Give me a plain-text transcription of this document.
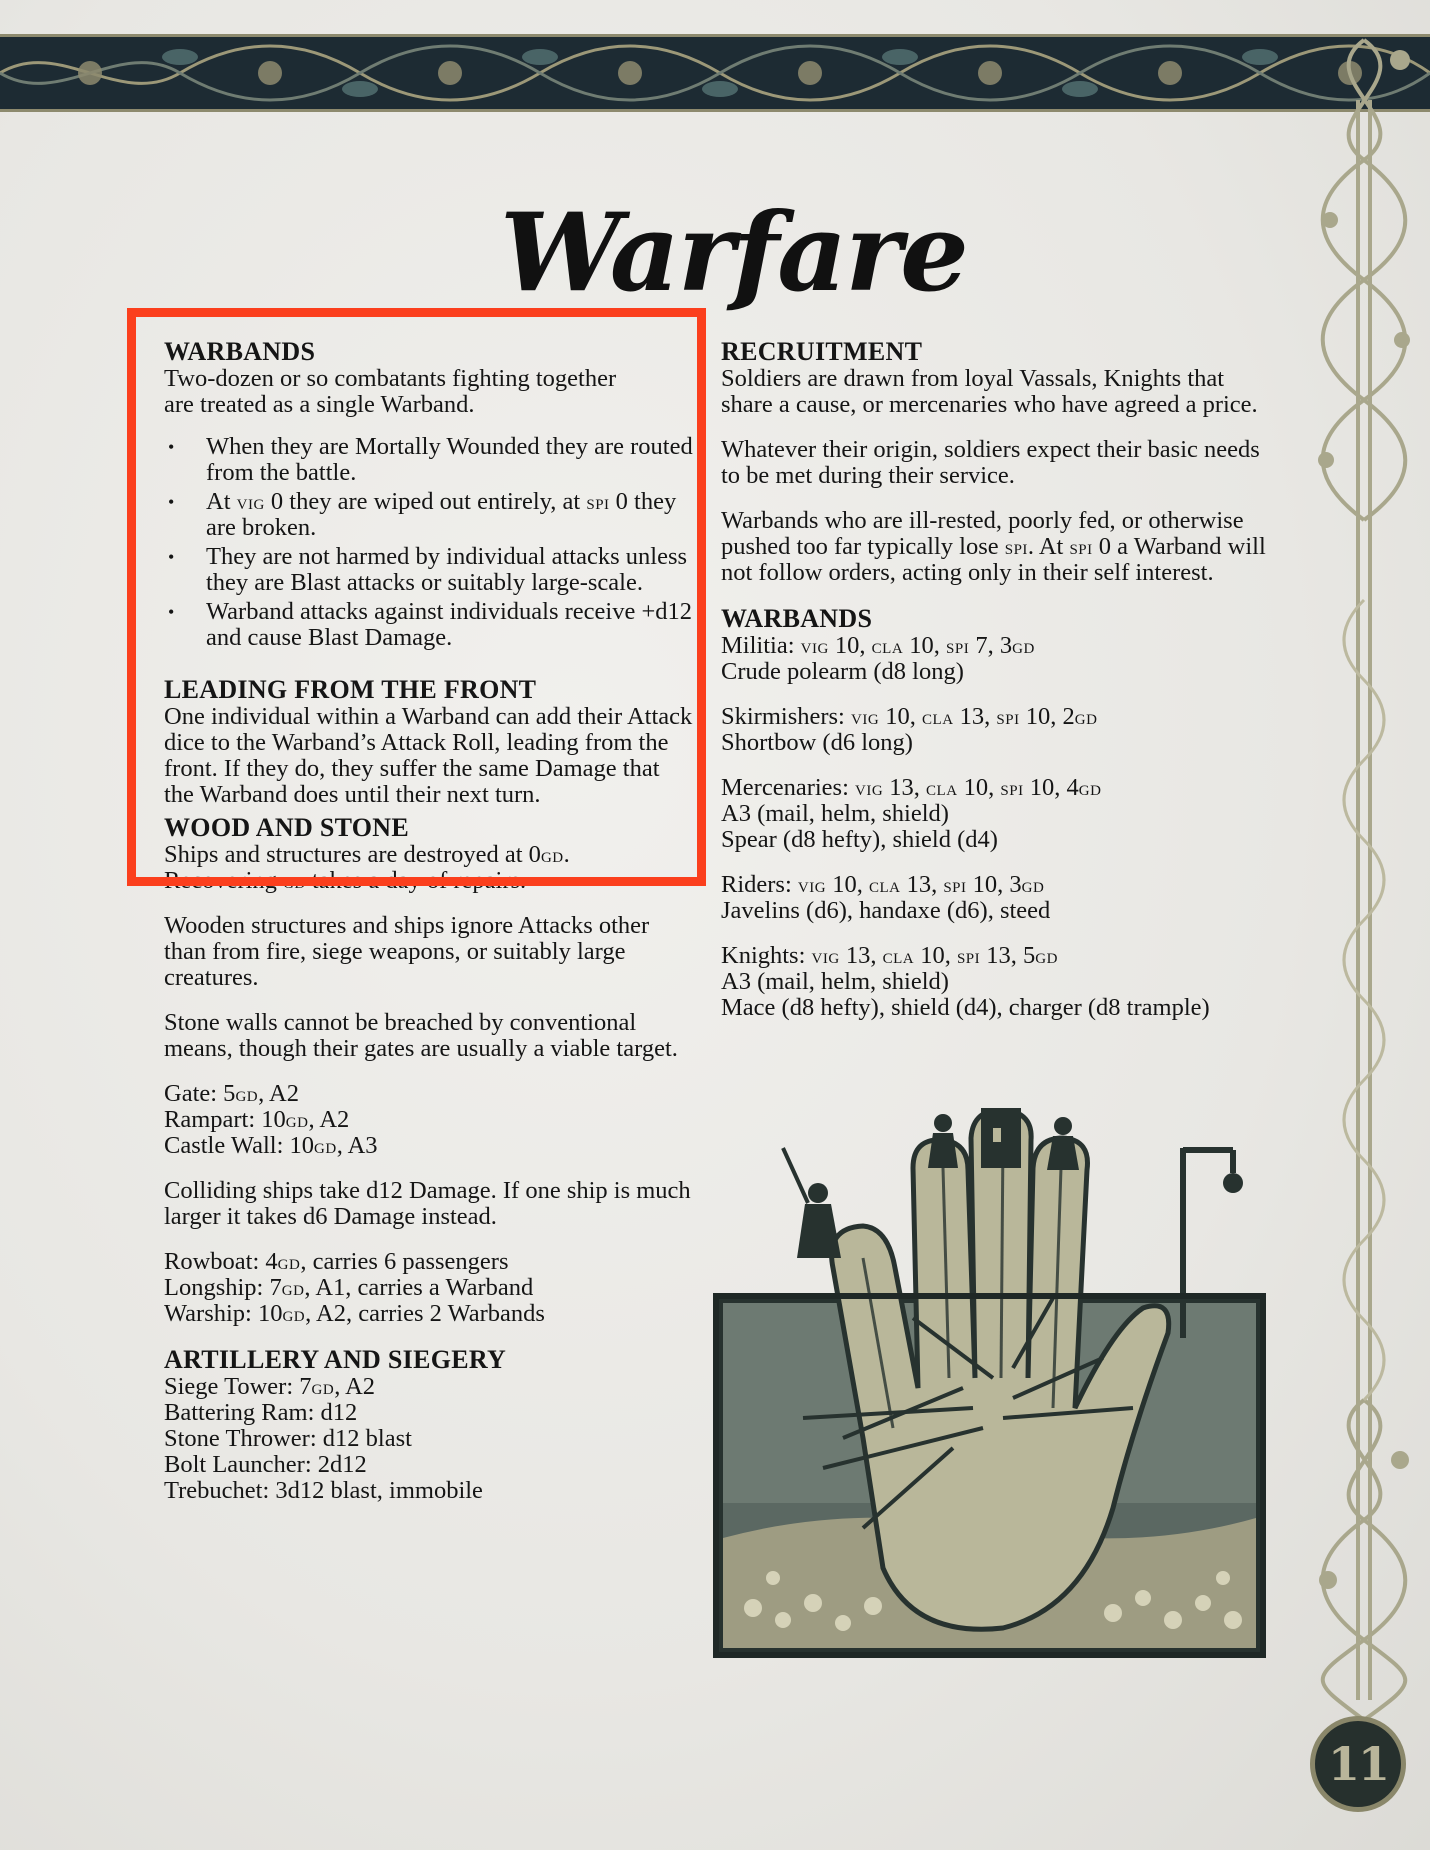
11
Warfare
WARBANDS
Two-dozen or so combatants fighting together
are treated as a single Warband.
• When they are Mortally Wounded they are routed from the battle.
• At vig 0 they are wiped out entirely, at spi 0 they are broken.
• They are not harmed by individual attacks unless they are Blast attacks or suitably large-scale.
• Warband attacks against individuals receive +d12 and cause Blast Damage.
LEADING FROM THE FRONT
One individual within a Warband can add their Attack dice to the Warband’s Attack Roll, leading from the front. If they do, they suffer the same Damage that the Warband does until their next turn.
WOOD AND STONE
Ships and structures are destroyed at 0gd.
Recovering gd takes a day of repairs.
Wooden structures and ships ignore Attacks other than from fire, siege weapons, or suitably large creatures.
Stone walls cannot be breached by conventional means, though their gates are usually a viable target.
Gate: 5gd, A2
Rampart: 10gd, A2
Castle Wall: 10gd, A3
Colliding ships take d12 Damage. If one ship is much larger it takes d6 Damage instead.
Rowboat: 4gd, carries 6 passengers
Longship: 7gd, A1, carries a Warband
Warship: 10gd, A2, carries 2 Warbands
ARTILLERY AND SIEGERY
Siege Tower: 7gd, A2
Battering Ram: d12
Stone Thrower: d12 blast
Bolt Launcher: 2d12
Trebuchet: 3d12 blast, immobile
RECRUITMENT
Soldiers are drawn from loyal Vassals, Knights that share a cause, or mercenaries who have agreed a price.
Whatever their origin, soldiers expect their basic needs to be met during their service.
Warbands who are ill-rested, poorly fed, or otherwise pushed too far typically lose spi. At spi 0 a Warband will not follow orders, acting only in their self interest.
WARBANDS
Militia: vig 10, cla 10, spi 7, 3gd
Crude polearm (d8 long)
Skirmishers: vig 10, cla 13, spi 10, 2gd
Shortbow (d6 long)
Mercenaries: vig 13, cla 10, spi 10, 4gd
A3 (mail, helm, shield)
Spear (d8 hefty), shield (d4)
Riders: vig 10, cla 13, spi 10, 3gd
Javelins (d6), handaxe (d6), steed
Knights: vig 13, cla 10, spi 13, 5gd
A3 (mail, helm, shield)
Mace (d8 hefty), shield (d4), charger (d8 trample)
